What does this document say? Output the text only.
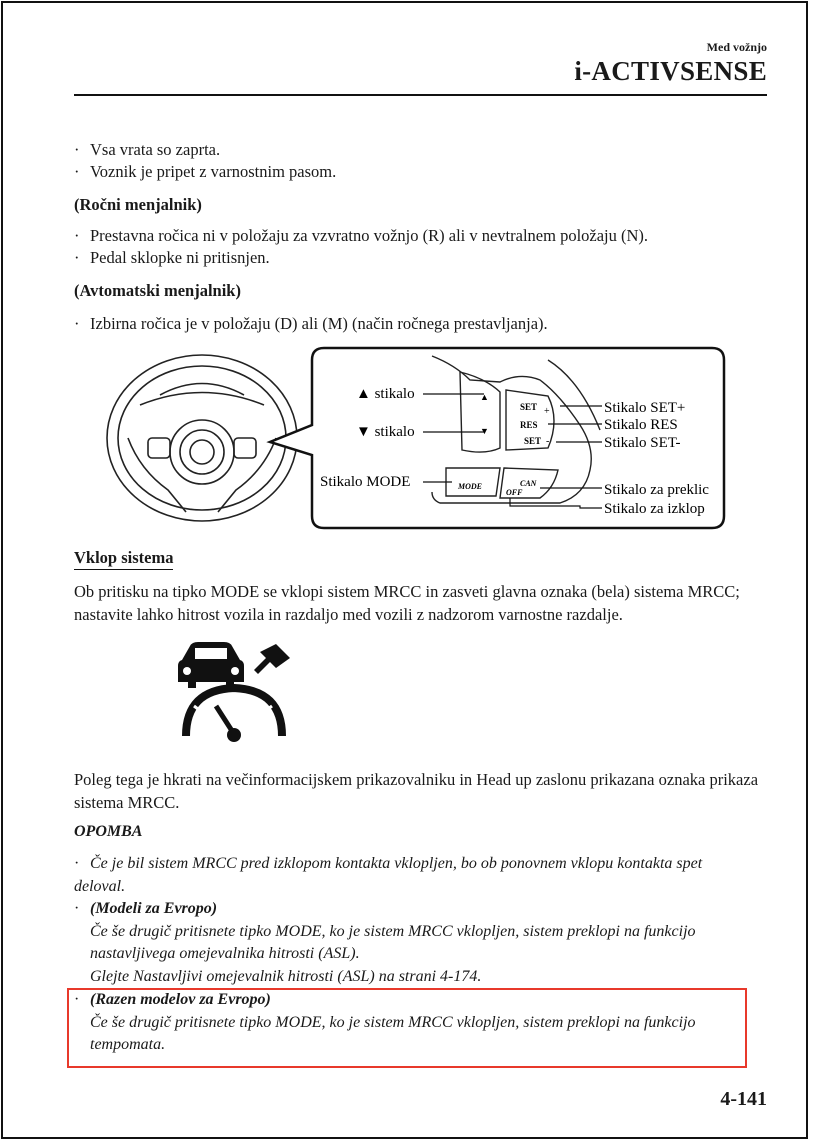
Med vožnjo
i-ACTIVSENSE
· Vsa vrata so zaprta.
· Voznik je pripet z varnostnim pasom.
(Ročni menjalnik)
· Prestavna ročica ni v položaju za vzvratno vožnjo (R) ali v nevtralnem položaju (N).
· Pedal sklopke ni pritisnjen.
(Avtomatski menjalnik)
· Izbirna ročica je v položaju (D) ali (M) (način ročnega prestavljanja).
SET +
RES
SET -
MODE	CAN
OFF
▲
▼
▲ stikalo
▼ stikalo
Stikalo MODE
Stikalo SET+
Stikalo RES
Stikalo SET-
Stikalo za preklic
Stikalo za izklop
Vklop sistema
Ob pritisku na tipko MODE se vklopi sistem MRCC in zasveti glavna oznaka (bela) sistema MRCC; nastavite lahko hitrost vozila in razdaljo med vozili z nadzorom varnostne razdalje.
Poleg tega je hkrati na večinformacijskem prikazovalniku in Head up zaslonu prikazana oznaka prikaza sistema MRCC.
OPOMBA
· Če je bil sistem MRCC pred izklopom kontakta vklopljen, bo ob ponovnem vklopu kontakta spet deloval.
· (Modeli za Evropo)
Če še drugič pritisnete tipko MODE, ko je sistem MRCC vklopljen, sistem preklopi na funkcijo nastavljivega omejevalnika hitrosti (ASL).
Glejte Nastavljivi omejevalnik hitrosti (ASL) na strani 4-174.
· (Razen modelov za Evropo)
Če še drugič pritisnete tipko MODE, ko je sistem MRCC vklopljen, sistem preklopi na funkcijo tempomata.
4-141
